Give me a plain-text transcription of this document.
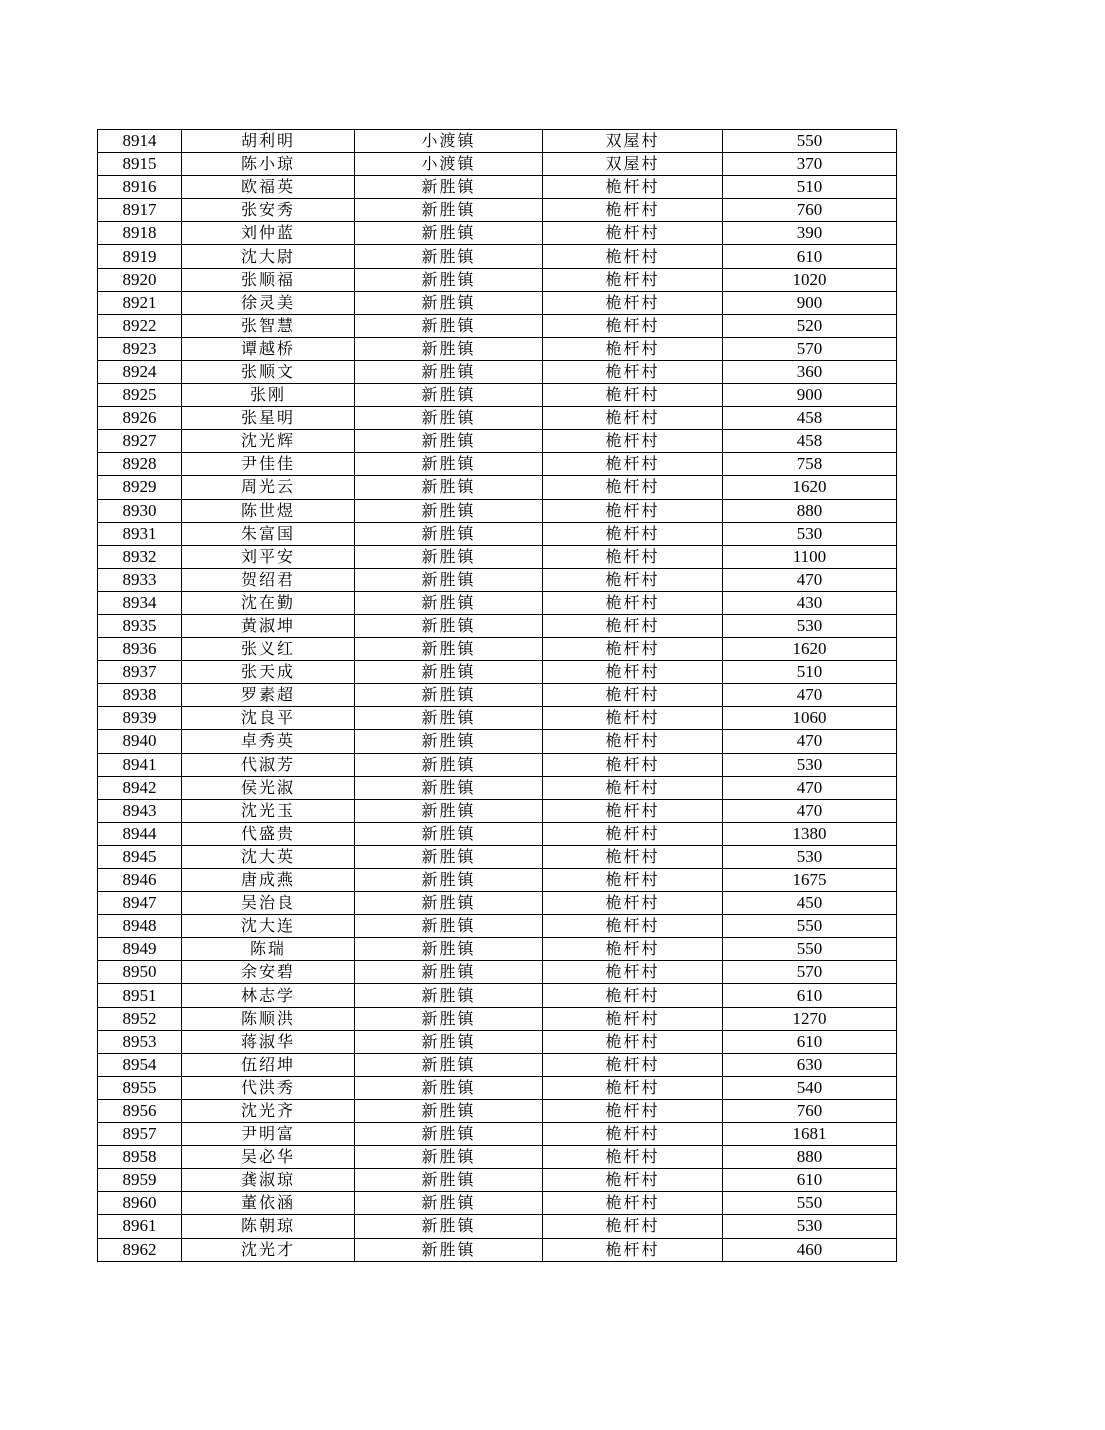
8914	胡利明	小渡镇	双屋村	550
8915	陈小琼	小渡镇	双屋村	370
8916	欧福英	新胜镇	桅杆村	510
8917	张安秀	新胜镇	桅杆村	760
8918	刘仲蓝	新胜镇	桅杆村	390
8919	沈大尉	新胜镇	桅杆村	610
8920	张顺福	新胜镇	桅杆村	1020
8921	徐灵美	新胜镇	桅杆村	900
8922	张智慧	新胜镇	桅杆村	520
8923	谭越桥	新胜镇	桅杆村	570
8924	张顺文	新胜镇	桅杆村	360
8925	张刚	新胜镇	桅杆村	900
8926	张星明	新胜镇	桅杆村	458
8927	沈光辉	新胜镇	桅杆村	458
8928	尹佳佳	新胜镇	桅杆村	758
8929	周光云	新胜镇	桅杆村	1620
8930	陈世煜	新胜镇	桅杆村	880
8931	朱富国	新胜镇	桅杆村	530
8932	刘平安	新胜镇	桅杆村	1100
8933	贺绍君	新胜镇	桅杆村	470
8934	沈在勤	新胜镇	桅杆村	430
8935	黄淑坤	新胜镇	桅杆村	530
8936	张义红	新胜镇	桅杆村	1620
8937	张天成	新胜镇	桅杆村	510
8938	罗素超	新胜镇	桅杆村	470
8939	沈良平	新胜镇	桅杆村	1060
8940	卓秀英	新胜镇	桅杆村	470
8941	代淑芳	新胜镇	桅杆村	530
8942	侯光淑	新胜镇	桅杆村	470
8943	沈光玉	新胜镇	桅杆村	470
8944	代盛贵	新胜镇	桅杆村	1380
8945	沈大英	新胜镇	桅杆村	530
8946	唐成燕	新胜镇	桅杆村	1675
8947	吴治良	新胜镇	桅杆村	450
8948	沈大连	新胜镇	桅杆村	550
8949	陈瑞	新胜镇	桅杆村	550
8950	余安碧	新胜镇	桅杆村	570
8951	林志学	新胜镇	桅杆村	610
8952	陈顺洪	新胜镇	桅杆村	1270
8953	蒋淑华	新胜镇	桅杆村	610
8954	伍绍坤	新胜镇	桅杆村	630
8955	代洪秀	新胜镇	桅杆村	540
8956	沈光齐	新胜镇	桅杆村	760
8957	尹明富	新胜镇	桅杆村	1681
8958	吴必华	新胜镇	桅杆村	880
8959	龚淑琼	新胜镇	桅杆村	610
8960	董依涵	新胜镇	桅杆村	550
8961	陈朝琼	新胜镇	桅杆村	530
8962	沈光才	新胜镇	桅杆村	460
